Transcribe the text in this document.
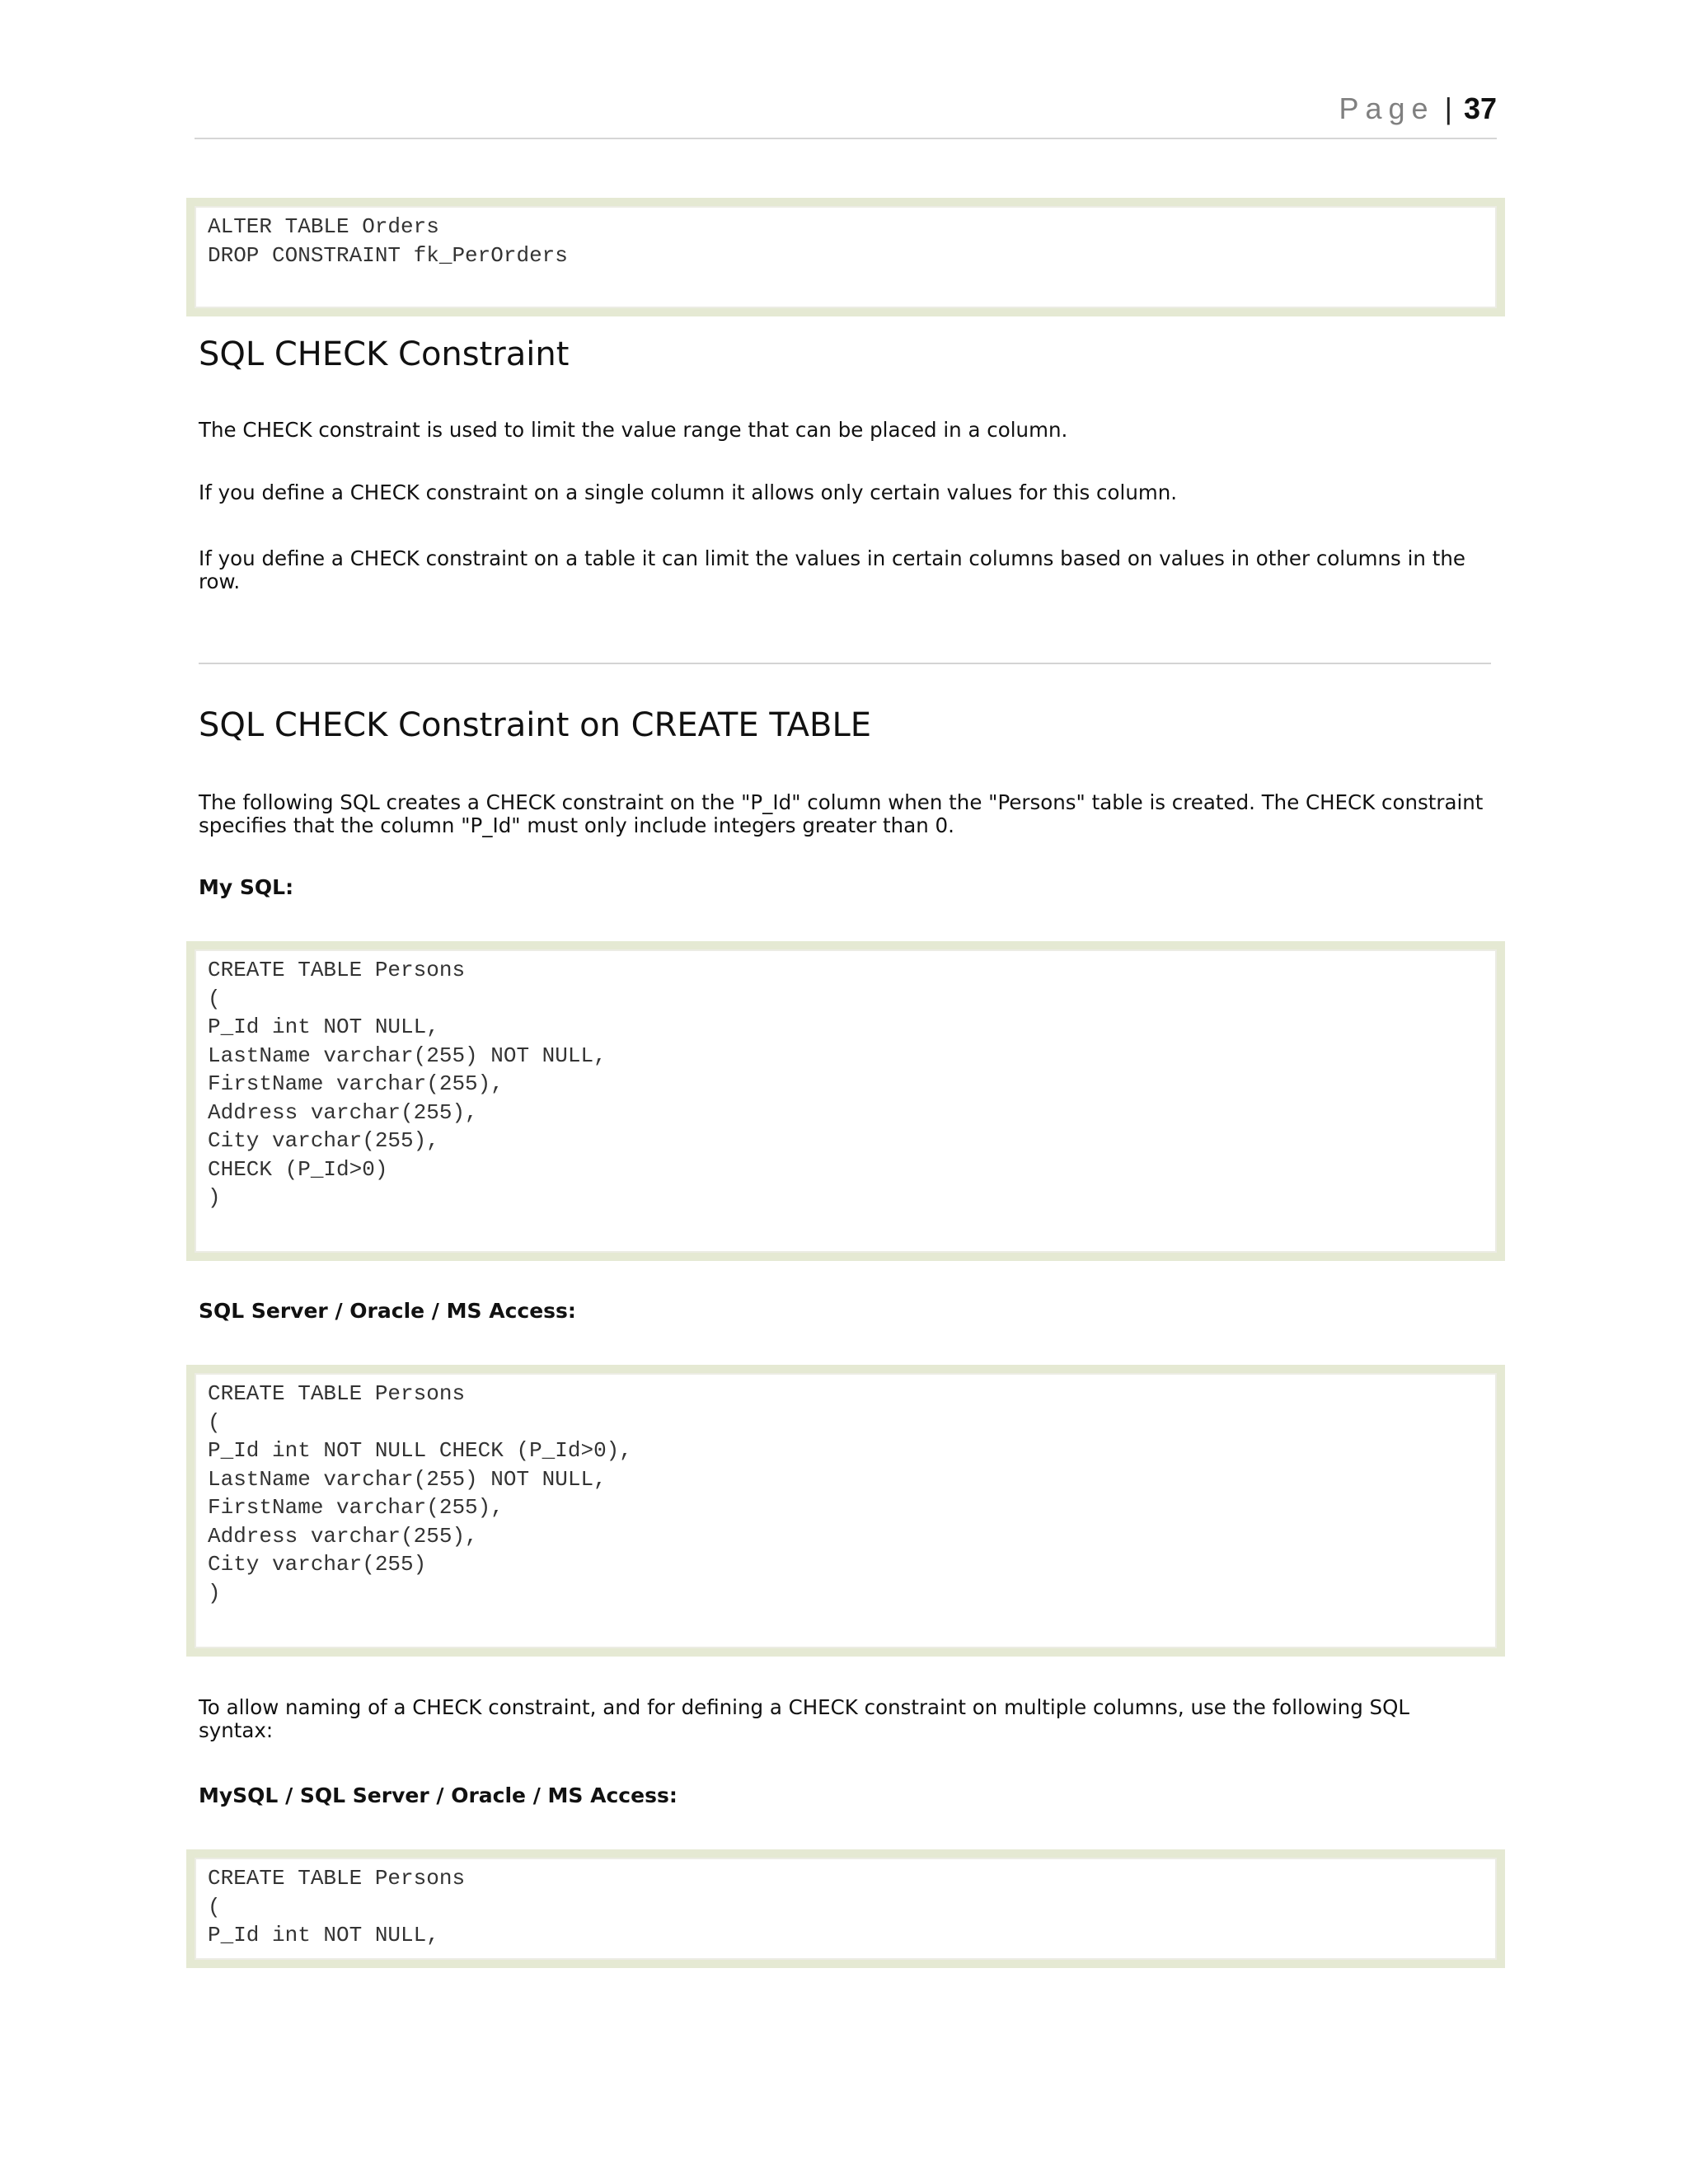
Page | 37
ALTER TABLE Orders
DROP CONSTRAINT fk_PerOrders
SQL CHECK Constraint

The CHECK constraint is used to limit the value range that can be placed in a column.

If you define a CHECK constraint on a single column it allows only certain values for this column.

If you define a CHECK constraint on a table it can limit the values in certain columns based on values in other columns in the row.

SQL CHECK Constraint on CREATE TABLE

The following SQL creates a CHECK constraint on the "P_Id" column when the "Persons" table is created. The CHECK constraint specifies that the column "P_Id" must only include integers greater than 0.

My SQL:
CREATE TABLE Persons
(
P_Id int NOT NULL,
LastName varchar(255) NOT NULL,
FirstName varchar(255),
Address varchar(255),
City varchar(255),
CHECK (P_Id>0)
)
SQL Server / Oracle / MS Access:
CREATE TABLE Persons
(
P_Id int NOT NULL CHECK (P_Id>0),
LastName varchar(255) NOT NULL,
FirstName varchar(255),
Address varchar(255),
City varchar(255)
)

To allow naming of a CHECK constraint, and for defining a CHECK constraint on multiple columns, use the following SQL syntax:

MySQL / SQL Server / Oracle / MS Access:
CREATE TABLE Persons
(
P_Id int NOT NULL,
